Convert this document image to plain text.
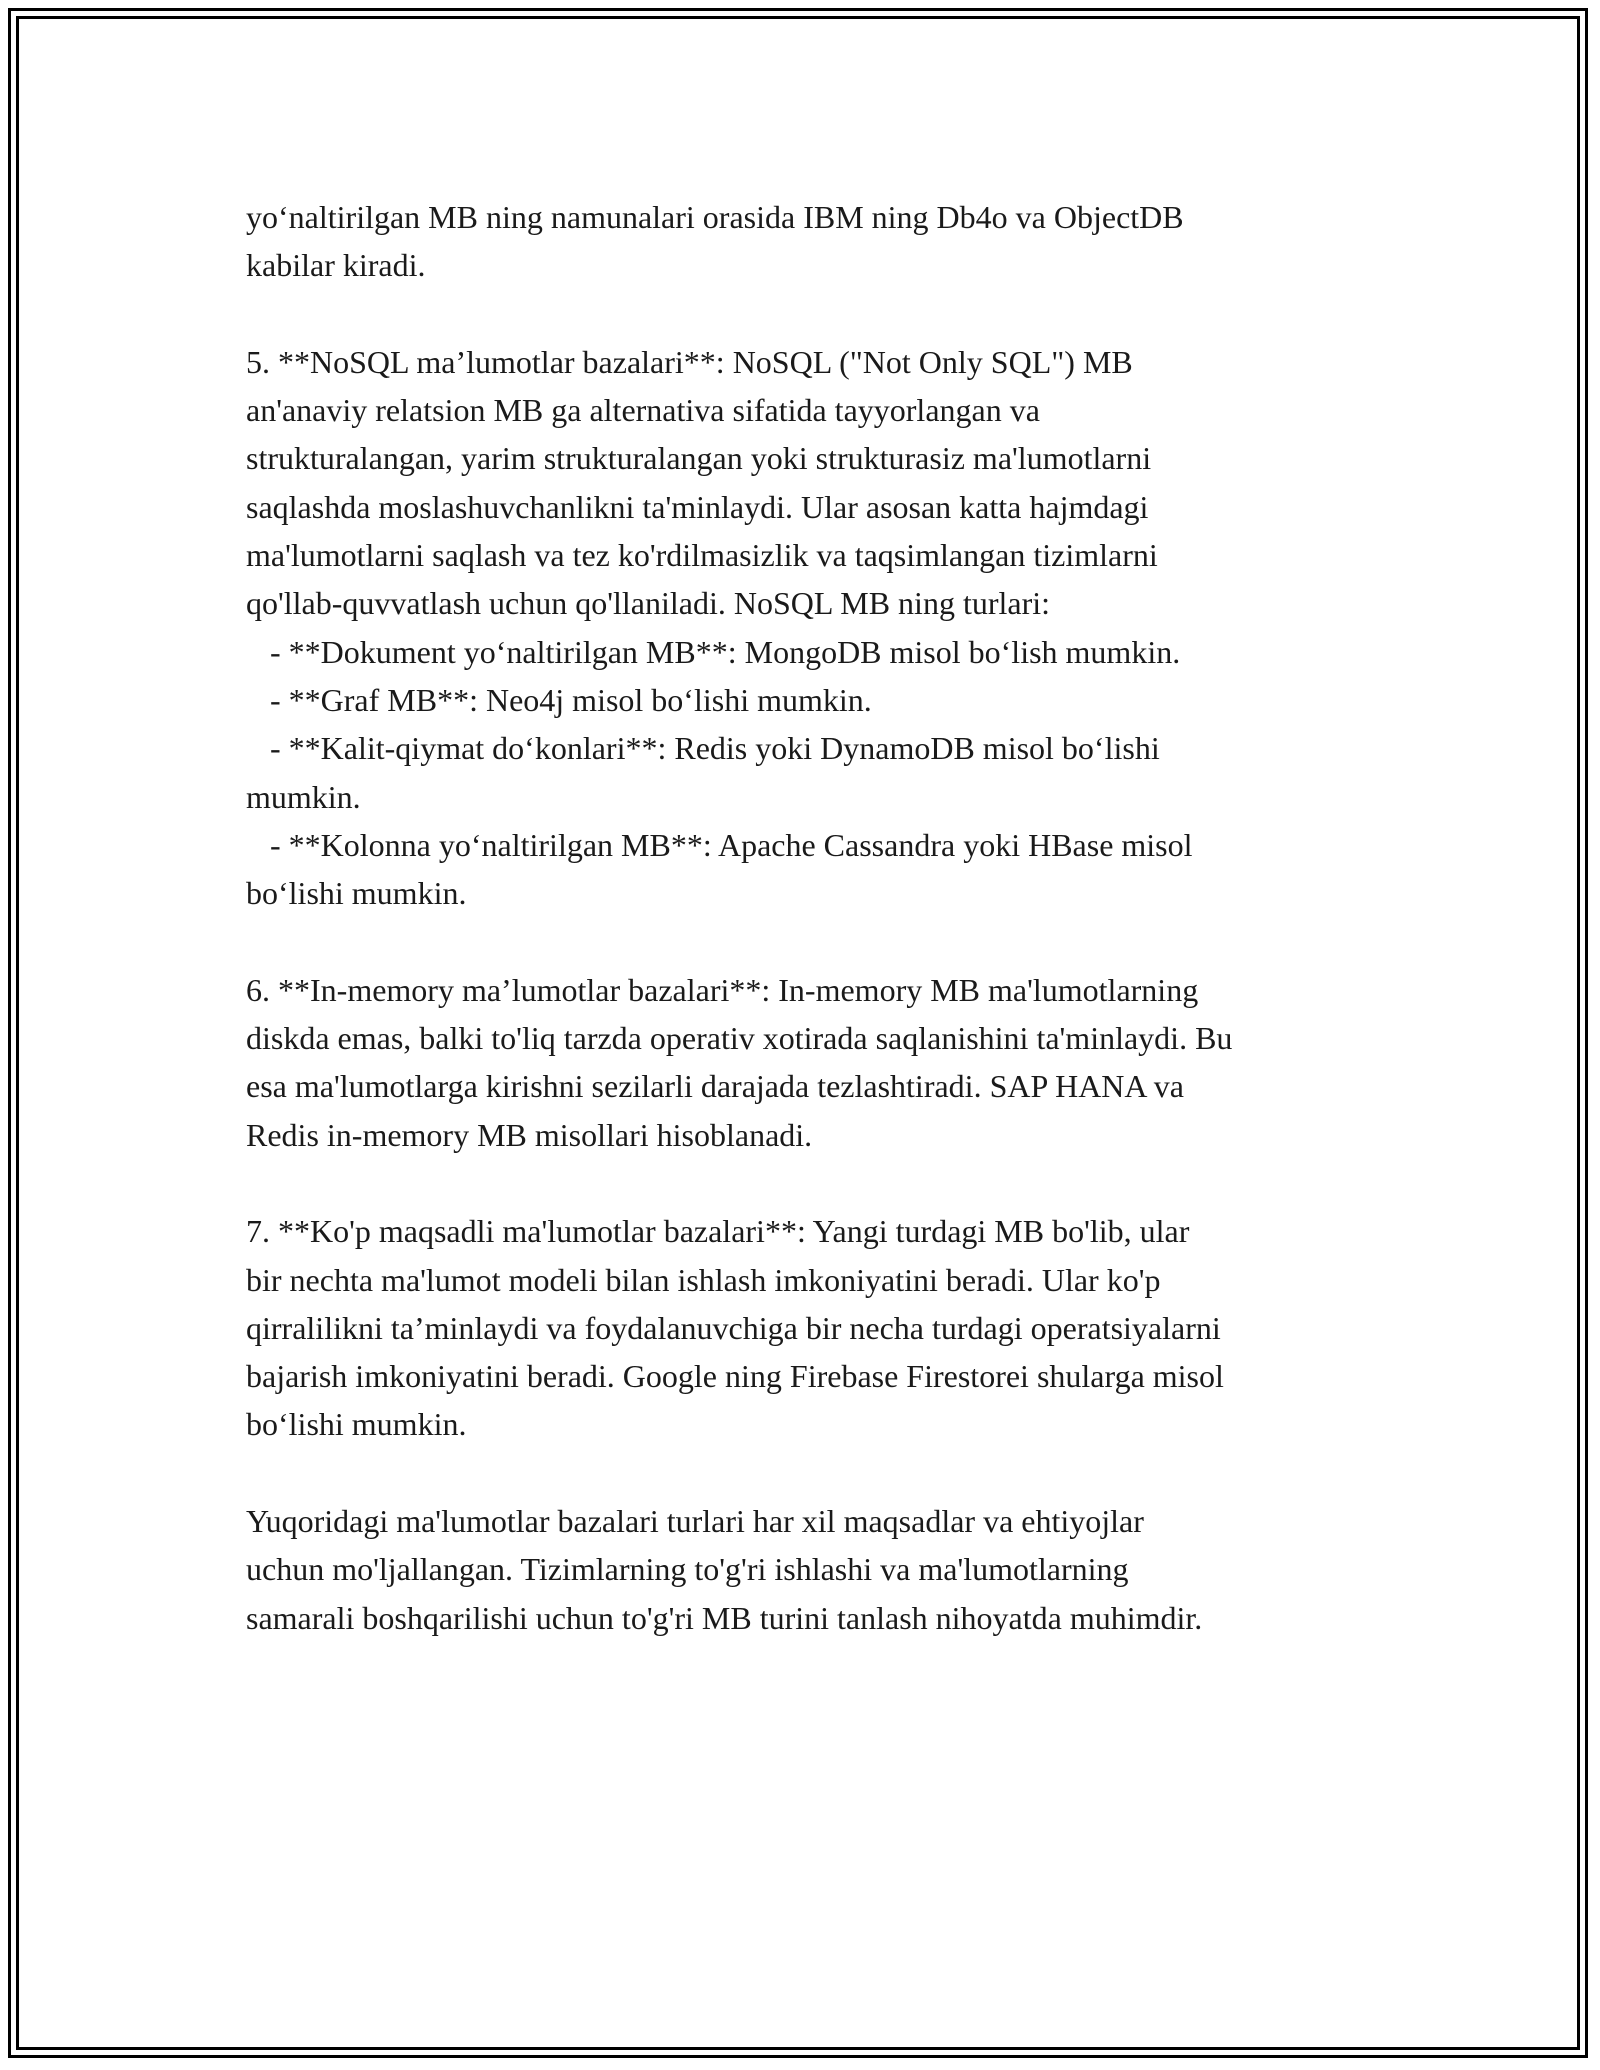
yo‘naltirilgan MB ning namunalari orasida IBM ning Db4o va ObjectDB
kabilar kiradi.
5. **NoSQL ma’lumotlar bazalari**: NoSQL ("Not Only SQL") MB
an'anaviy relatsion MB ga alternativa sifatida tayyorlangan va
strukturalangan, yarim strukturalangan yoki strukturasiz ma'lumotlarni
saqlashda moslashuvchanlikni ta'minlaydi. Ular asosan katta hajmdagi
ma'lumotlarni saqlash va tez ko'rdilmasizlik va taqsimlangan tizimlarni
qo'llab-quvvatlash uchun qo'llaniladi. NoSQL MB ning turlari:
- **Dokument yo‘naltirilgan MB**: MongoDB misol bo‘lish mumkin.
- **Graf MB**: Neo4j misol bo‘lishi mumkin.
- **Kalit-qiymat do‘konlari**: Redis yoki DynamoDB misol bo‘lishi
mumkin.
- **Kolonna yo‘naltirilgan MB**: Apache Cassandra yoki HBase misol
bo‘lishi mumkin.
6. **In-memory ma’lumotlar bazalari**: In-memory MB ma'lumotlarning
diskda emas, balki to'liq tarzda operativ xotirada saqlanishini ta'minlaydi. Bu
esa ma'lumotlarga kirishni sezilarli darajada tezlashtiradi. SAP HANA va
Redis in-memory MB misollari hisoblanadi.
7. **Ko'p maqsadli ma'lumotlar bazalari**: Yangi turdagi MB bo'lib, ular
bir nechta ma'lumot modeli bilan ishlash imkoniyatini beradi. Ular ko'p
qirralilikni ta’minlaydi va foydalanuvchiga bir necha turdagi operatsiyalarni
bajarish imkoniyatini beradi. Google ning Firebase Firestorei shularga misol
bo‘lishi mumkin.
Yuqoridagi ma'lumotlar bazalari turlari har xil maqsadlar va ehtiyojlar
uchun mo'ljallangan. Tizimlarning to'g'ri ishlashi va ma'lumotlarning
samarali boshqarilishi uchun to'g'ri MB turini tanlash nihoyatda muhimdir.
